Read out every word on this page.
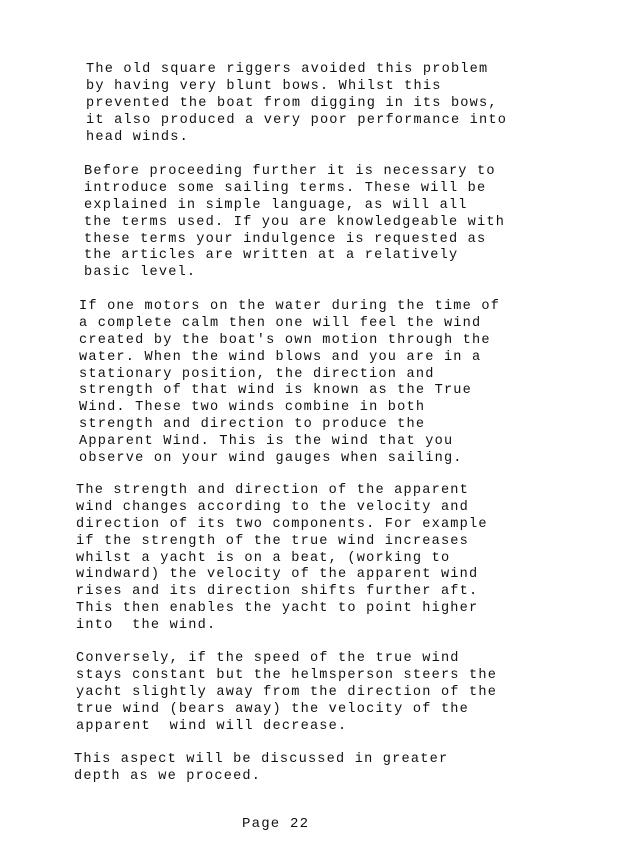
The old square riggers avoided this problem
by having very blunt bows. Whilst this
prevented the boat from digging in its bows,
it also produced a very poor performance into
head winds.
Before proceeding further it is necessary to
introduce some sailing terms. These will be
explained in simple language, as will all
the terms used. If you are knowledgeable with
these terms your indulgence is requested as
the articles are written at a relatively
basic level.
If one motors on the water during the time of
a complete calm then one will feel the wind
created by the boat's own motion through the
water. When the wind blows and you are in a
stationary position, the direction and
strength of that wind is known as the True
Wind. These two winds combine in both
strength and direction to produce the
Apparent Wind. This is the wind that you
observe on your wind gauges when sailing.
The strength and direction of the apparent
wind changes according to the velocity and
direction of its two components. For example
if the strength of the true wind increases
whilst a yacht is on a beat, (working to
windward) the velocity of the apparent wind
rises and its direction shifts further aft.
This then enables the yacht to point higher
into  the wind.
Conversely, if the speed of the true wind
stays constant but the helmsperson steers the
yacht slightly away from the direction of the
true wind (bears away) the velocity of the
apparent  wind will decrease.
This aspect will be discussed in greater
depth as we proceed.
Page 22
